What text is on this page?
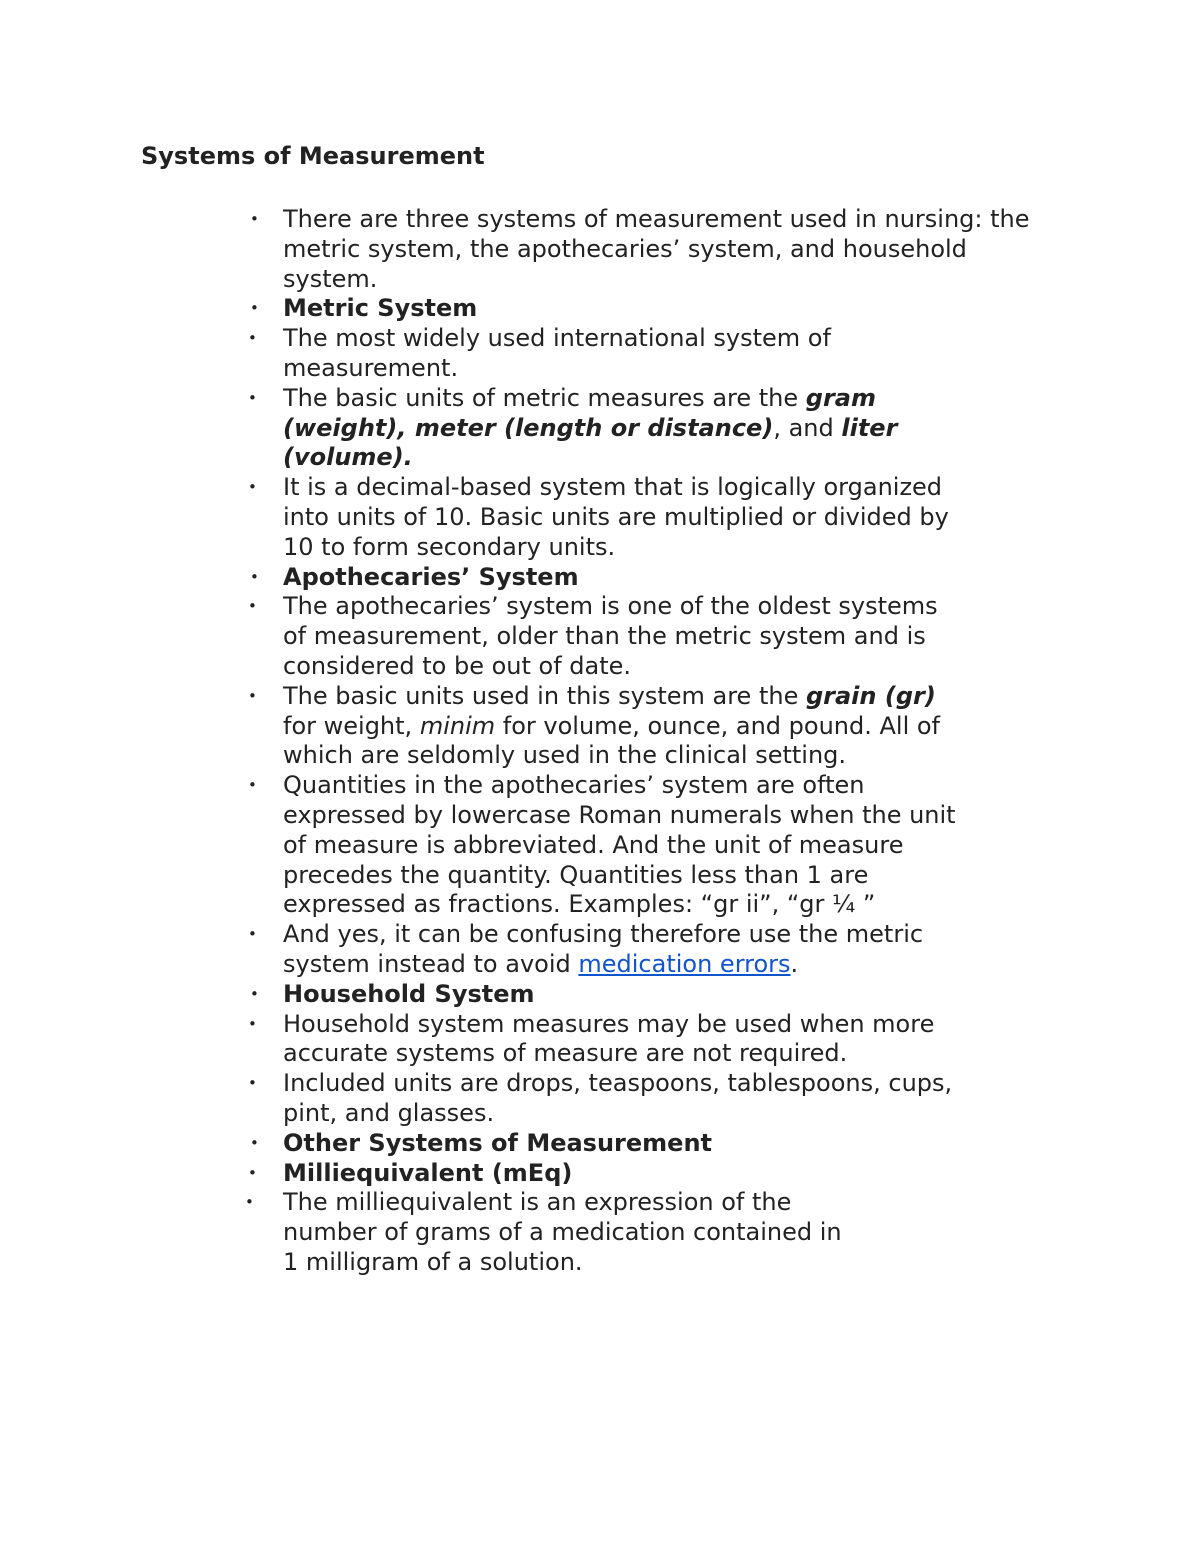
Systems of Measurement
• There are three systems of measurement used in nursing: the metric system, the apothecaries’ system, and household system.
• Metric System
• The most widely used international system of measurement.
• The basic units of metric measures are the gram (weight), meter (length or distance), and liter (volume).
• It is a decimal-based system that is logically organized into units of 10. Basic units are multiplied or divided by 10 to form secondary units.
• Apothecaries’ System
• The apothecaries’ system is one of the oldest systems of measurement, older than the metric system and is considered to be out of date.
• The basic units used in this system are the grain (gr) for weight, minim for volume, ounce, and pound. All of which are seldomly used in the clinical setting.
• Quantities in the apothecaries’ system are often expressed by lowercase Roman numerals when the unit of measure is abbreviated. And the unit of measure precedes the quantity. Quantities less than 1 are expressed as fractions. Examples: “gr ii”, “gr ¼ ”
• And yes, it can be confusing therefore use the metric system instead to avoid medication errors.
• Household System
• Household system measures may be used when more accurate systems of measure are not required.
• Included units are drops, teaspoons, tablespoons, cups, pint, and glasses.
• Other Systems of Measurement
• Milliequivalent (mEq)
• The milliequivalent is an expression of the number of grams of a medication contained in 1 milligram of a solution.
